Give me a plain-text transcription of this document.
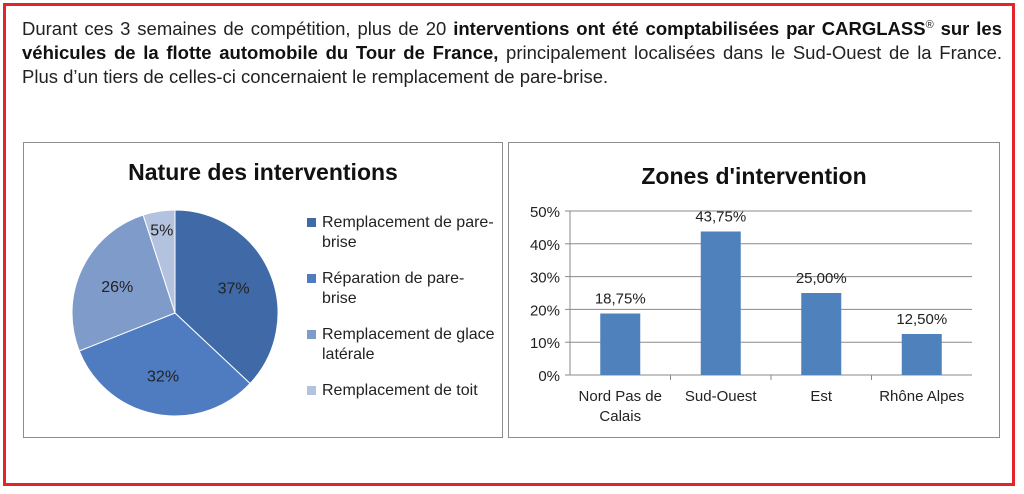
Durant ces 3 semaines de compétition, plus de 20 interventions ont été comptabilisées par CARGLASS® sur les véhicules de la flotte automobile du Tour de France, principalement localisées dans le Sud-Ouest de la France. Plus d’un tiers de celles-ci concernaient le remplacement de pare-brise.

Nature des interventions
37%
32%
26%
5%
Remplacement de pare-brise
Réparation de pare-brise
Remplacement de glace latérale
Remplacement de toit
Zones d'intervention
0%
10%
20%
30%
40%
50%
18,75%
Nord Pas de Calais
43,75%
Sud-Ouest
25,00%
Est
12,50%
Rhône Alpes
